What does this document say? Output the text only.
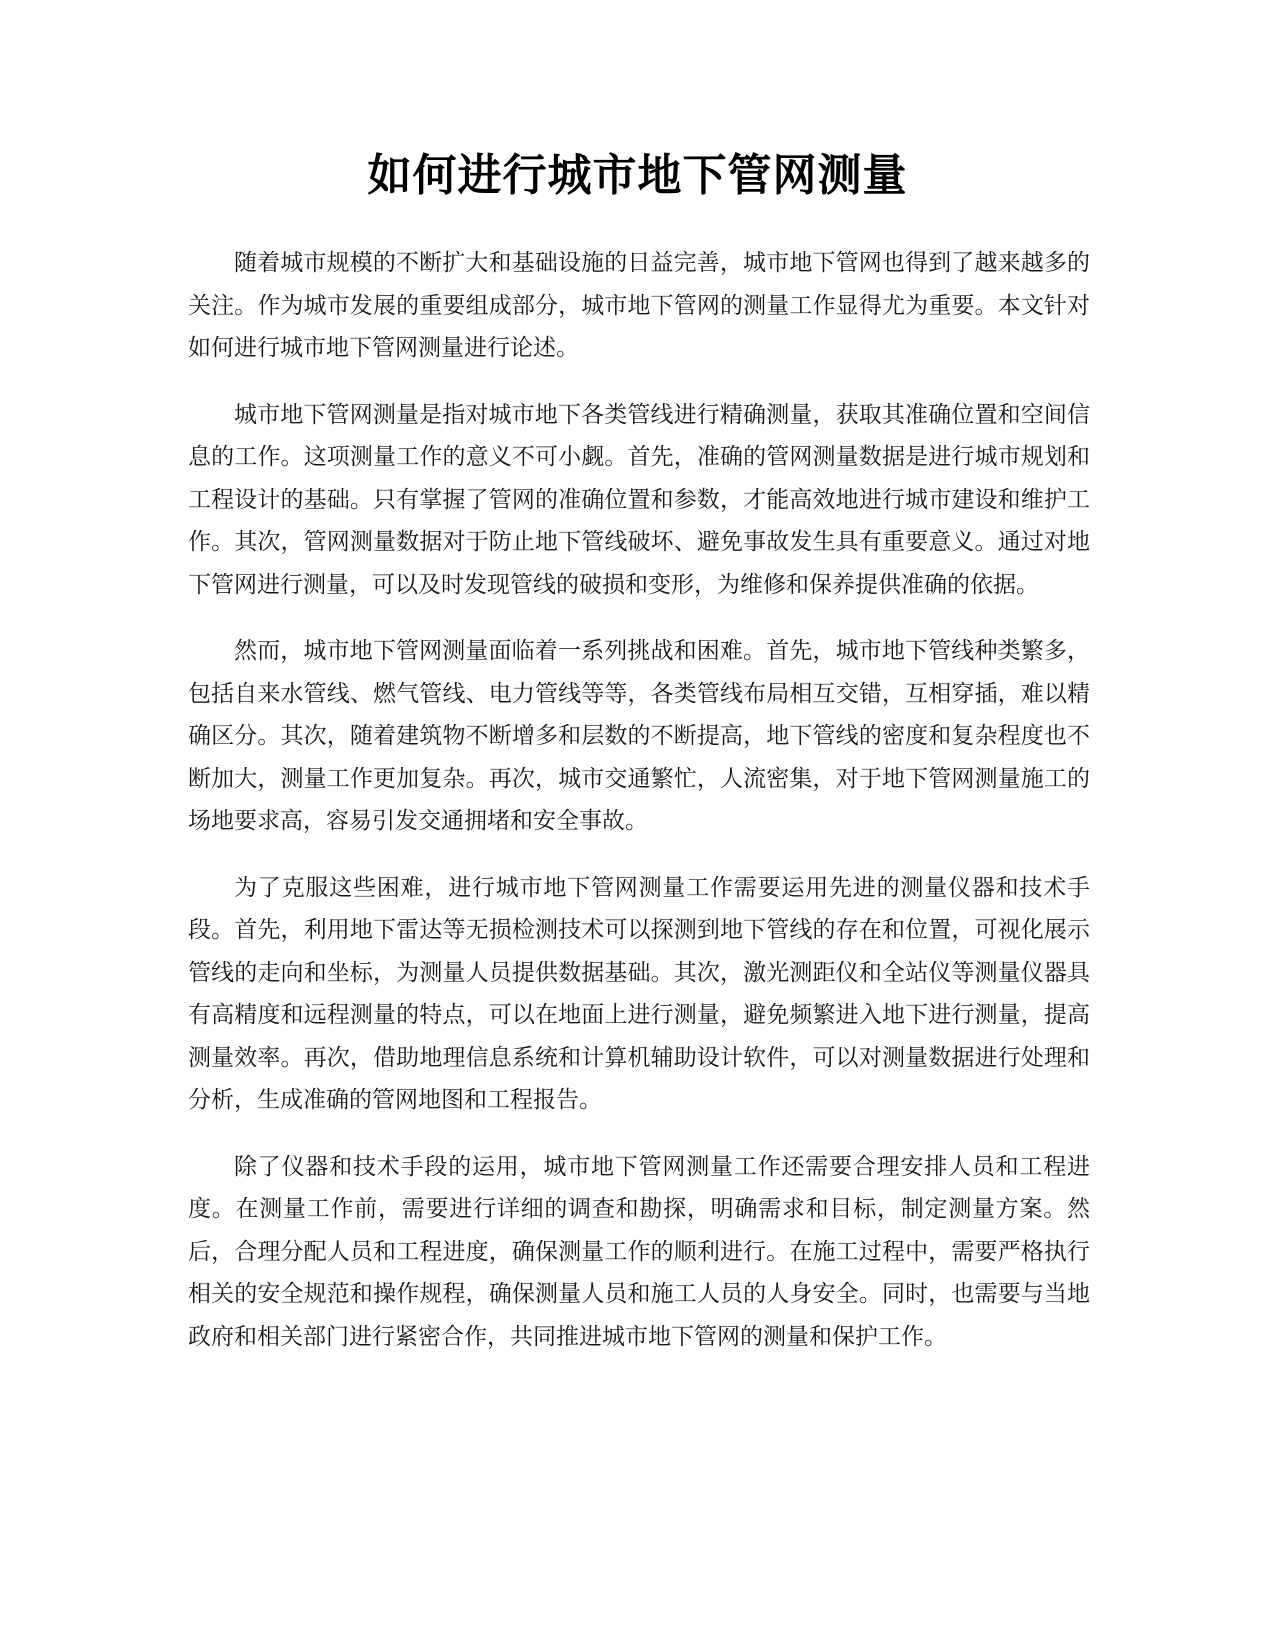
如何进行城市地下管网测量

随着城市规模的不断扩大和基础设施的日益完善，城市地下管网也得到了越来越多的关注。作为城市发展的重要组成部分，城市地下管网的测量工作显得尤为重要。本文针对如何进行城市地下管网测量进行论述。

城市地下管网测量是指对城市地下各类管线进行精确测量，获取其准确位置和空间信息的工作。这项测量工作的意义不可小觑。首先，准确的管网测量数据是进行城市规划和工程设计的基础。只有掌握了管网的准确位置和参数，才能高效地进行城市建设和维护工作。其次，管网测量数据对于防止地下管线破坏、避免事故发生具有重要意义。通过对地下管网进行测量，可以及时发现管线的破损和变形，为维修和保养提供准确的依据。

然而，城市地下管网测量面临着一系列挑战和困难。首先，城市地下管线种类繁多，包括自来水管线、燃气管线、电力管线等等，各类管线布局相互交错，互相穿插，难以精确区分。其次，随着建筑物不断增多和层数的不断提高，地下管线的密度和复杂程度也不断加大，测量工作更加复杂。再次，城市交通繁忙，人流密集，对于地下管网测量施工的场地要求高，容易引发交通拥堵和安全事故。

为了克服这些困难，进行城市地下管网测量工作需要运用先进的测量仪器和技术手段。首先，利用地下雷达等无损检测技术可以探测到地下管线的存在和位置，可视化展示管线的走向和坐标，为测量人员提供数据基础。其次，激光测距仪和全站仪等测量仪器具有高精度和远程测量的特点，可以在地面上进行测量，避免频繁进入地下进行测量，提高测量效率。再次，借助地理信息系统和计算机辅助设计软件，可以对测量数据进行处理和分析，生成准确的管网地图和工程报告。

除了仪器和技术手段的运用，城市地下管网测量工作还需要合理安排人员和工程进度。在测量工作前，需要进行详细的调查和勘探，明确需求和目标，制定测量方案。然后，合理分配人员和工程进度，确保测量工作的顺利进行。在施工过程中，需要严格执行相关的安全规范和操作规程，确保测量人员和施工人员的人身安全。同时，也需要与当地政府和相关部门进行紧密合作，共同推进城市地下管网的测量和保护工作。
